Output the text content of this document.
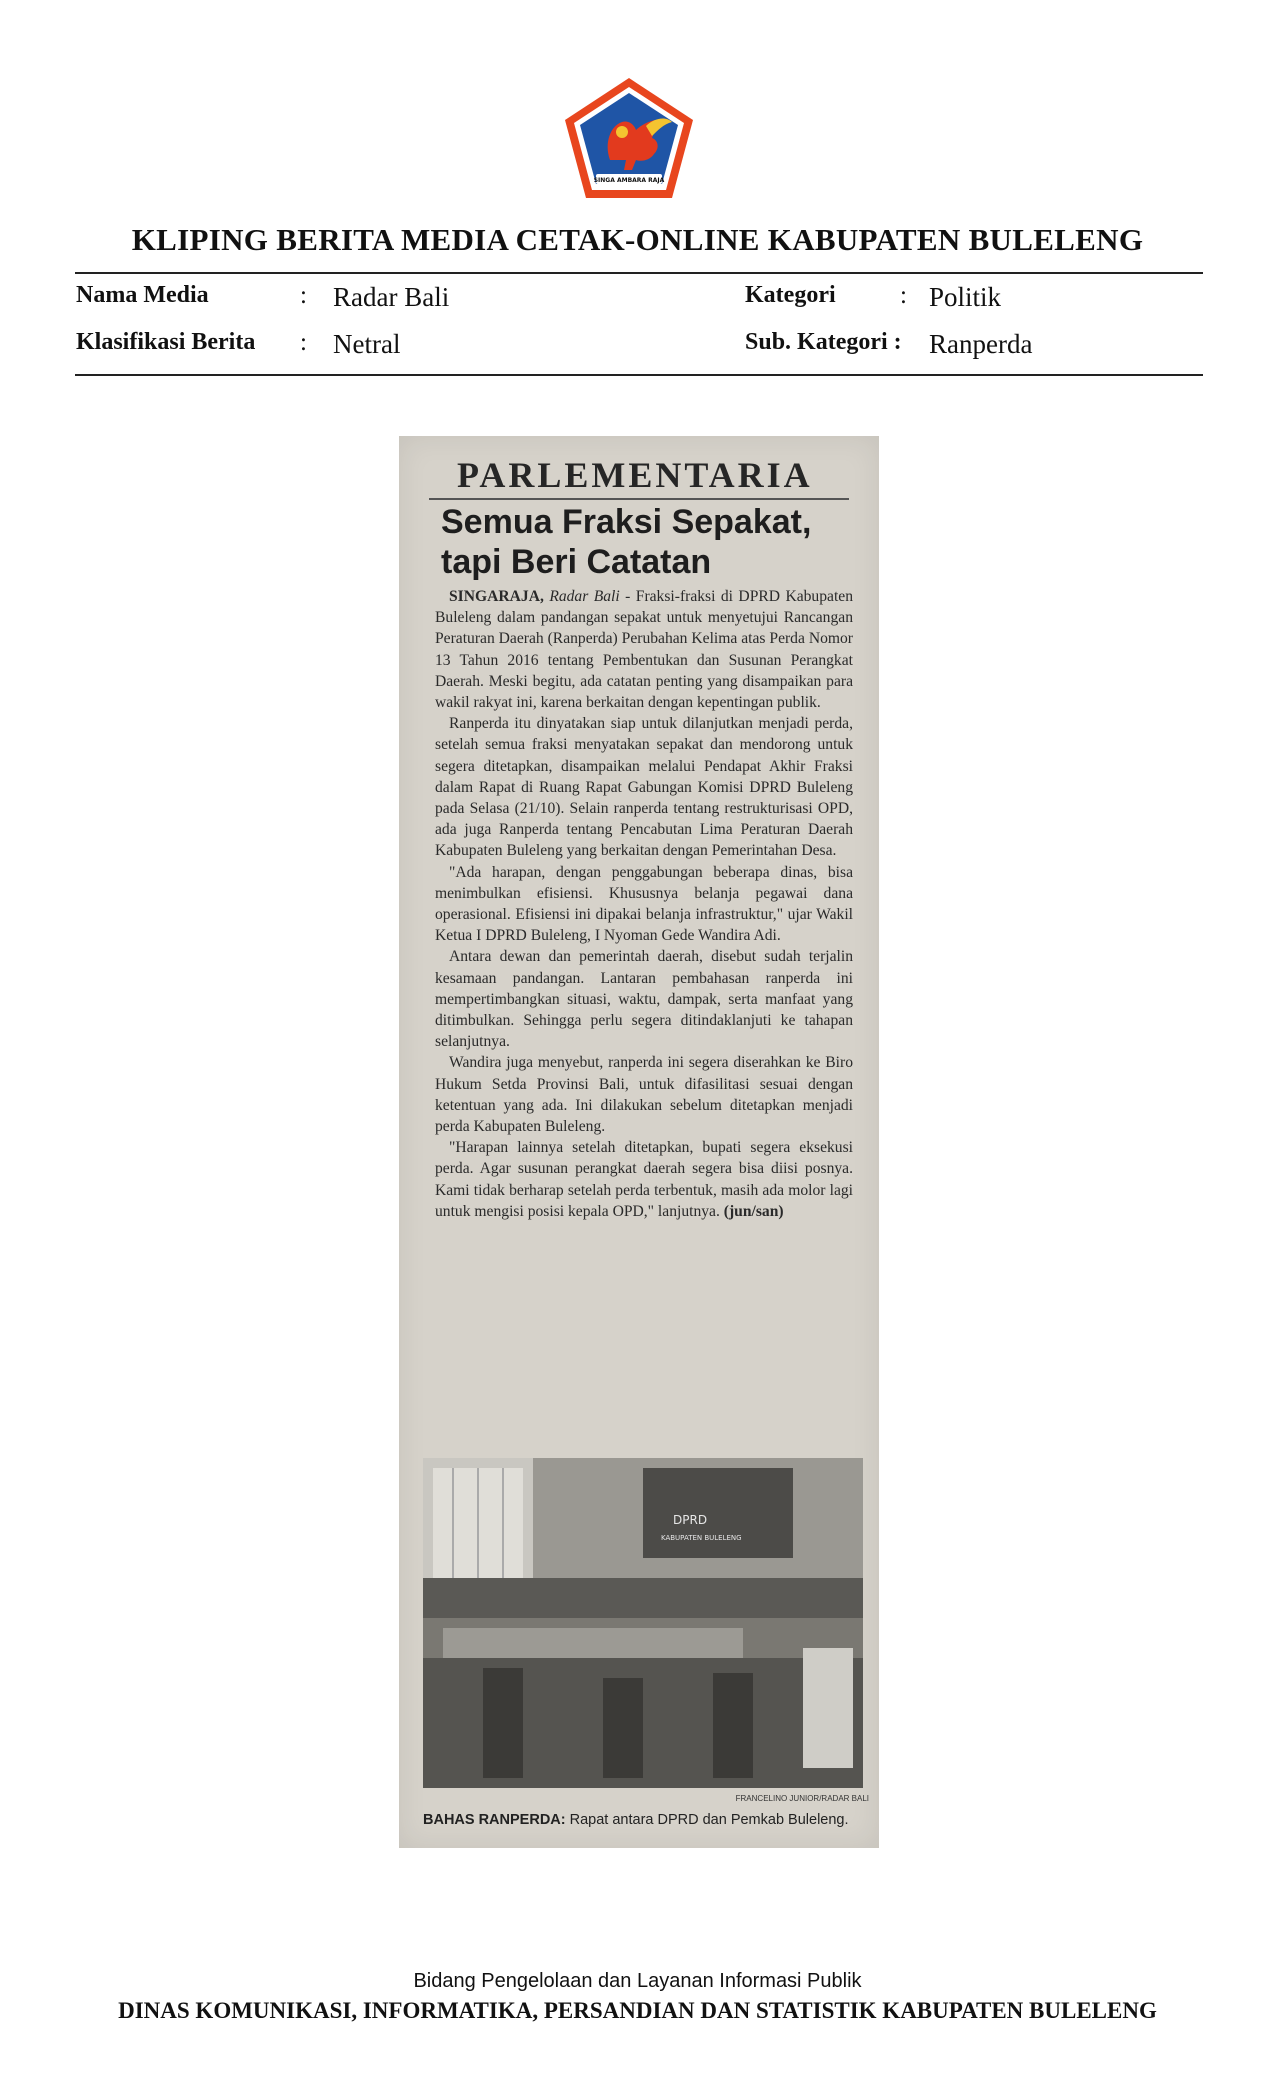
SINGA AMBARA RAJA
KLIPING BERITA MEDIA CETAK-ONLINE KABUPATEN BULELENG
Nama Media	: Radar Bali	Kategori	: Politik
Klasifikasi Berita : Netral	Sub. Kategori : Ranperda
PARLEMENTARIA
Semua Fraksi Sepakat, tapi Beri Catatan

SINGARAJA, Radar Bali - Fraksi-fraksi di DPRD Kabupaten Buleleng dalam pandangan sepakat untuk menyetujui Rancangan Peraturan Daerah (Ranperda) Perubahan Kelima atas Perda Nomor 13 Tahun 2016 tentang Pembentukan dan Susunan Perangkat Daerah. Meski begitu, ada catatan penting yang disampaikan para wakil rakyat ini, karena berkaitan dengan kepentingan publik.

Ranperda itu dinyatakan siap untuk dilanjutkan menjadi perda, setelah semua fraksi menyatakan sepakat dan mendorong untuk segera ditetapkan, disampaikan melalui Pendapat Akhir Fraksi dalam Rapat di Ruang Rapat Gabungan Komisi DPRD Buleleng pada Selasa (21/10). Selain ranperda tentang restrukturisasi OPD, ada juga Ranperda tentang Pencabutan Lima Peraturan Daerah Kabupaten Buleleng yang berkaitan dengan Pemerintahan Desa.

"Ada harapan, dengan penggabungan beberapa dinas, bisa menimbulkan efisiensi. Khususnya belanja pegawai dana operasional. Efisiensi ini dipakai belanja infrastruktur," ujar Wakil Ketua I DPRD Buleleng, I Nyoman Gede Wandira Adi.

Antara dewan dan pemerintah daerah, disebut sudah terjalin kesamaan pandangan. Lantaran pembahasan ranperda ini mempertimbangkan situasi, waktu, dampak, serta manfaat yang ditimbulkan. Sehingga perlu segera ditindaklanjuti ke tahapan selanjutnya.

Wandira juga menyebut, ranperda ini segera diserahkan ke Biro Hukum Setda Provinsi Bali, untuk difasilitasi sesuai dengan ketentuan yang ada. Ini dilakukan sebelum ditetapkan menjadi perda Kabupaten Buleleng.

"Harapan lainnya setelah ditetapkan, bupati segera eksekusi perda. Agar susunan perangkat daerah segera bisa diisi posnya. Kami tidak berharap setelah perda terbentuk, masih ada molor lagi untuk mengisi posisi kepala OPD," lanjutnya. (jun/san)

DPRD
KABUPATEN BULELENG
FRANCELINO JUNIOR/RADAR BALI
BAHAS RANPERDA: Rapat antara DPRD dan Pemkab Buleleng.
Bidang Pengelolaan dan Layanan Informasi Publik
DINAS KOMUNIKASI, INFORMATIKA, PERSANDIAN DAN STATISTIK KABUPATEN BULELENG
